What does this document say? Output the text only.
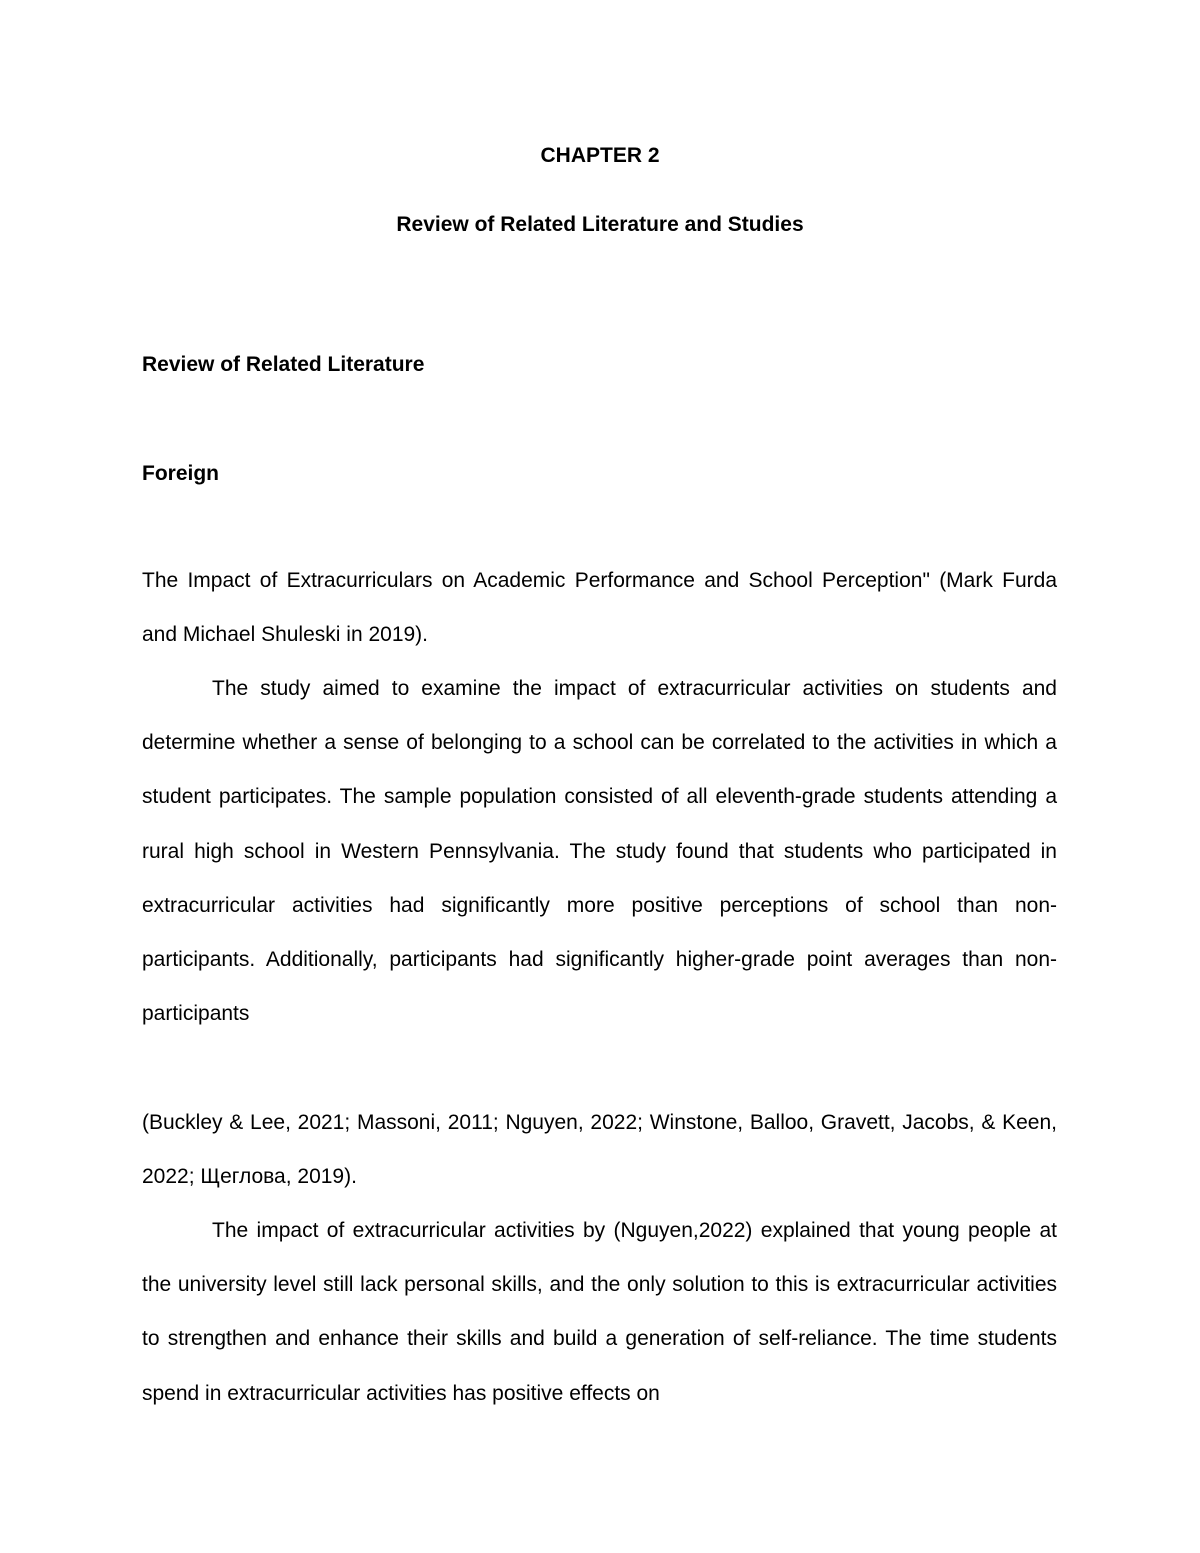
CHAPTER 2

Review of Related Literature and Studies

Review of Related Literature

Foreign

The Impact of Extracurriculars on Academic Performance and School Perception" (Mark Furda and Michael Shuleski in 2019).

The study aimed to examine the impact of extracurricular activities on students and determine whether a sense of belonging to a school can be correlated to the activities in which a student participates. The sample population consisted of all eleventh-grade students attending a rural high school in Western Pennsylvania. The study found that students who participated in extracurricular activities had significantly more positive perceptions of school than non-participants. Additionally, participants had significantly higher-grade point averages than non-participants

(Buckley & Lee, 2021; Massoni, 2011; Nguyen, 2022; Winstone, Balloo, Gravett, Jacobs, & Keen, 2022; Щеглова, 2019).

The impact of extracurricular activities by (Nguyen,2022) explained that young people at the university level still lack personal skills, and the only solution to this is extracurricular activities to strengthen and enhance their skills and build a generation of self-reliance. The time students spend in extracurricular activities has positive effects on
